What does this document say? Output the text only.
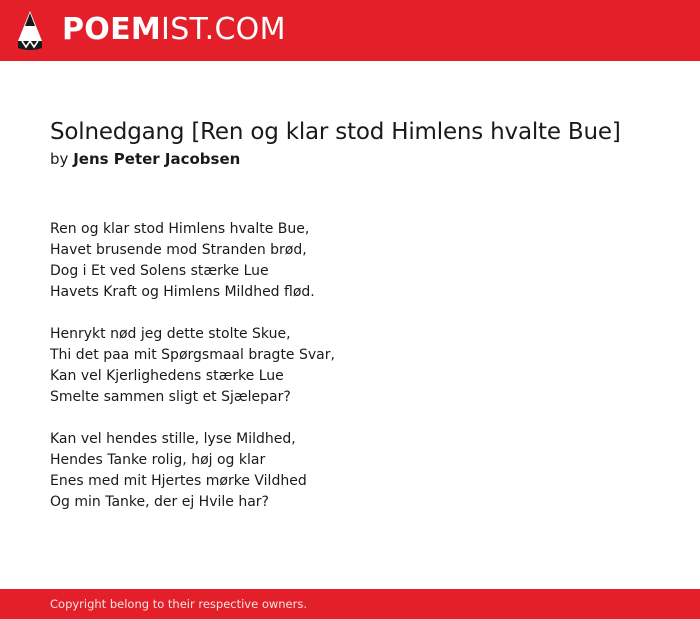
POEMIST.COM
Solnedgang [Ren og klar stod Himlens hvalte Bue]
by Jens Peter Jacobsen
Ren og klar stod Himlens hvalte Bue,
Havet brusende mod Stranden brød,
Dog i Et ved Solens stærke Lue
Havets Kraft og Himlens Mildhed flød.
Henrykt nød jeg dette stolte Skue,
Thi det paa mit Spørgsmaal bragte Svar,
Kan vel Kjerlighedens stærke Lue
Smelte sammen sligt et Sjælepar?
Kan vel hendes stille, lyse Mildhed,
Hendes Tanke rolig, høj og klar
Enes med mit Hjertes mørke Vildhed
Og min Tanke, der ej Hvile har?
Copyright belong to their respective owners.
